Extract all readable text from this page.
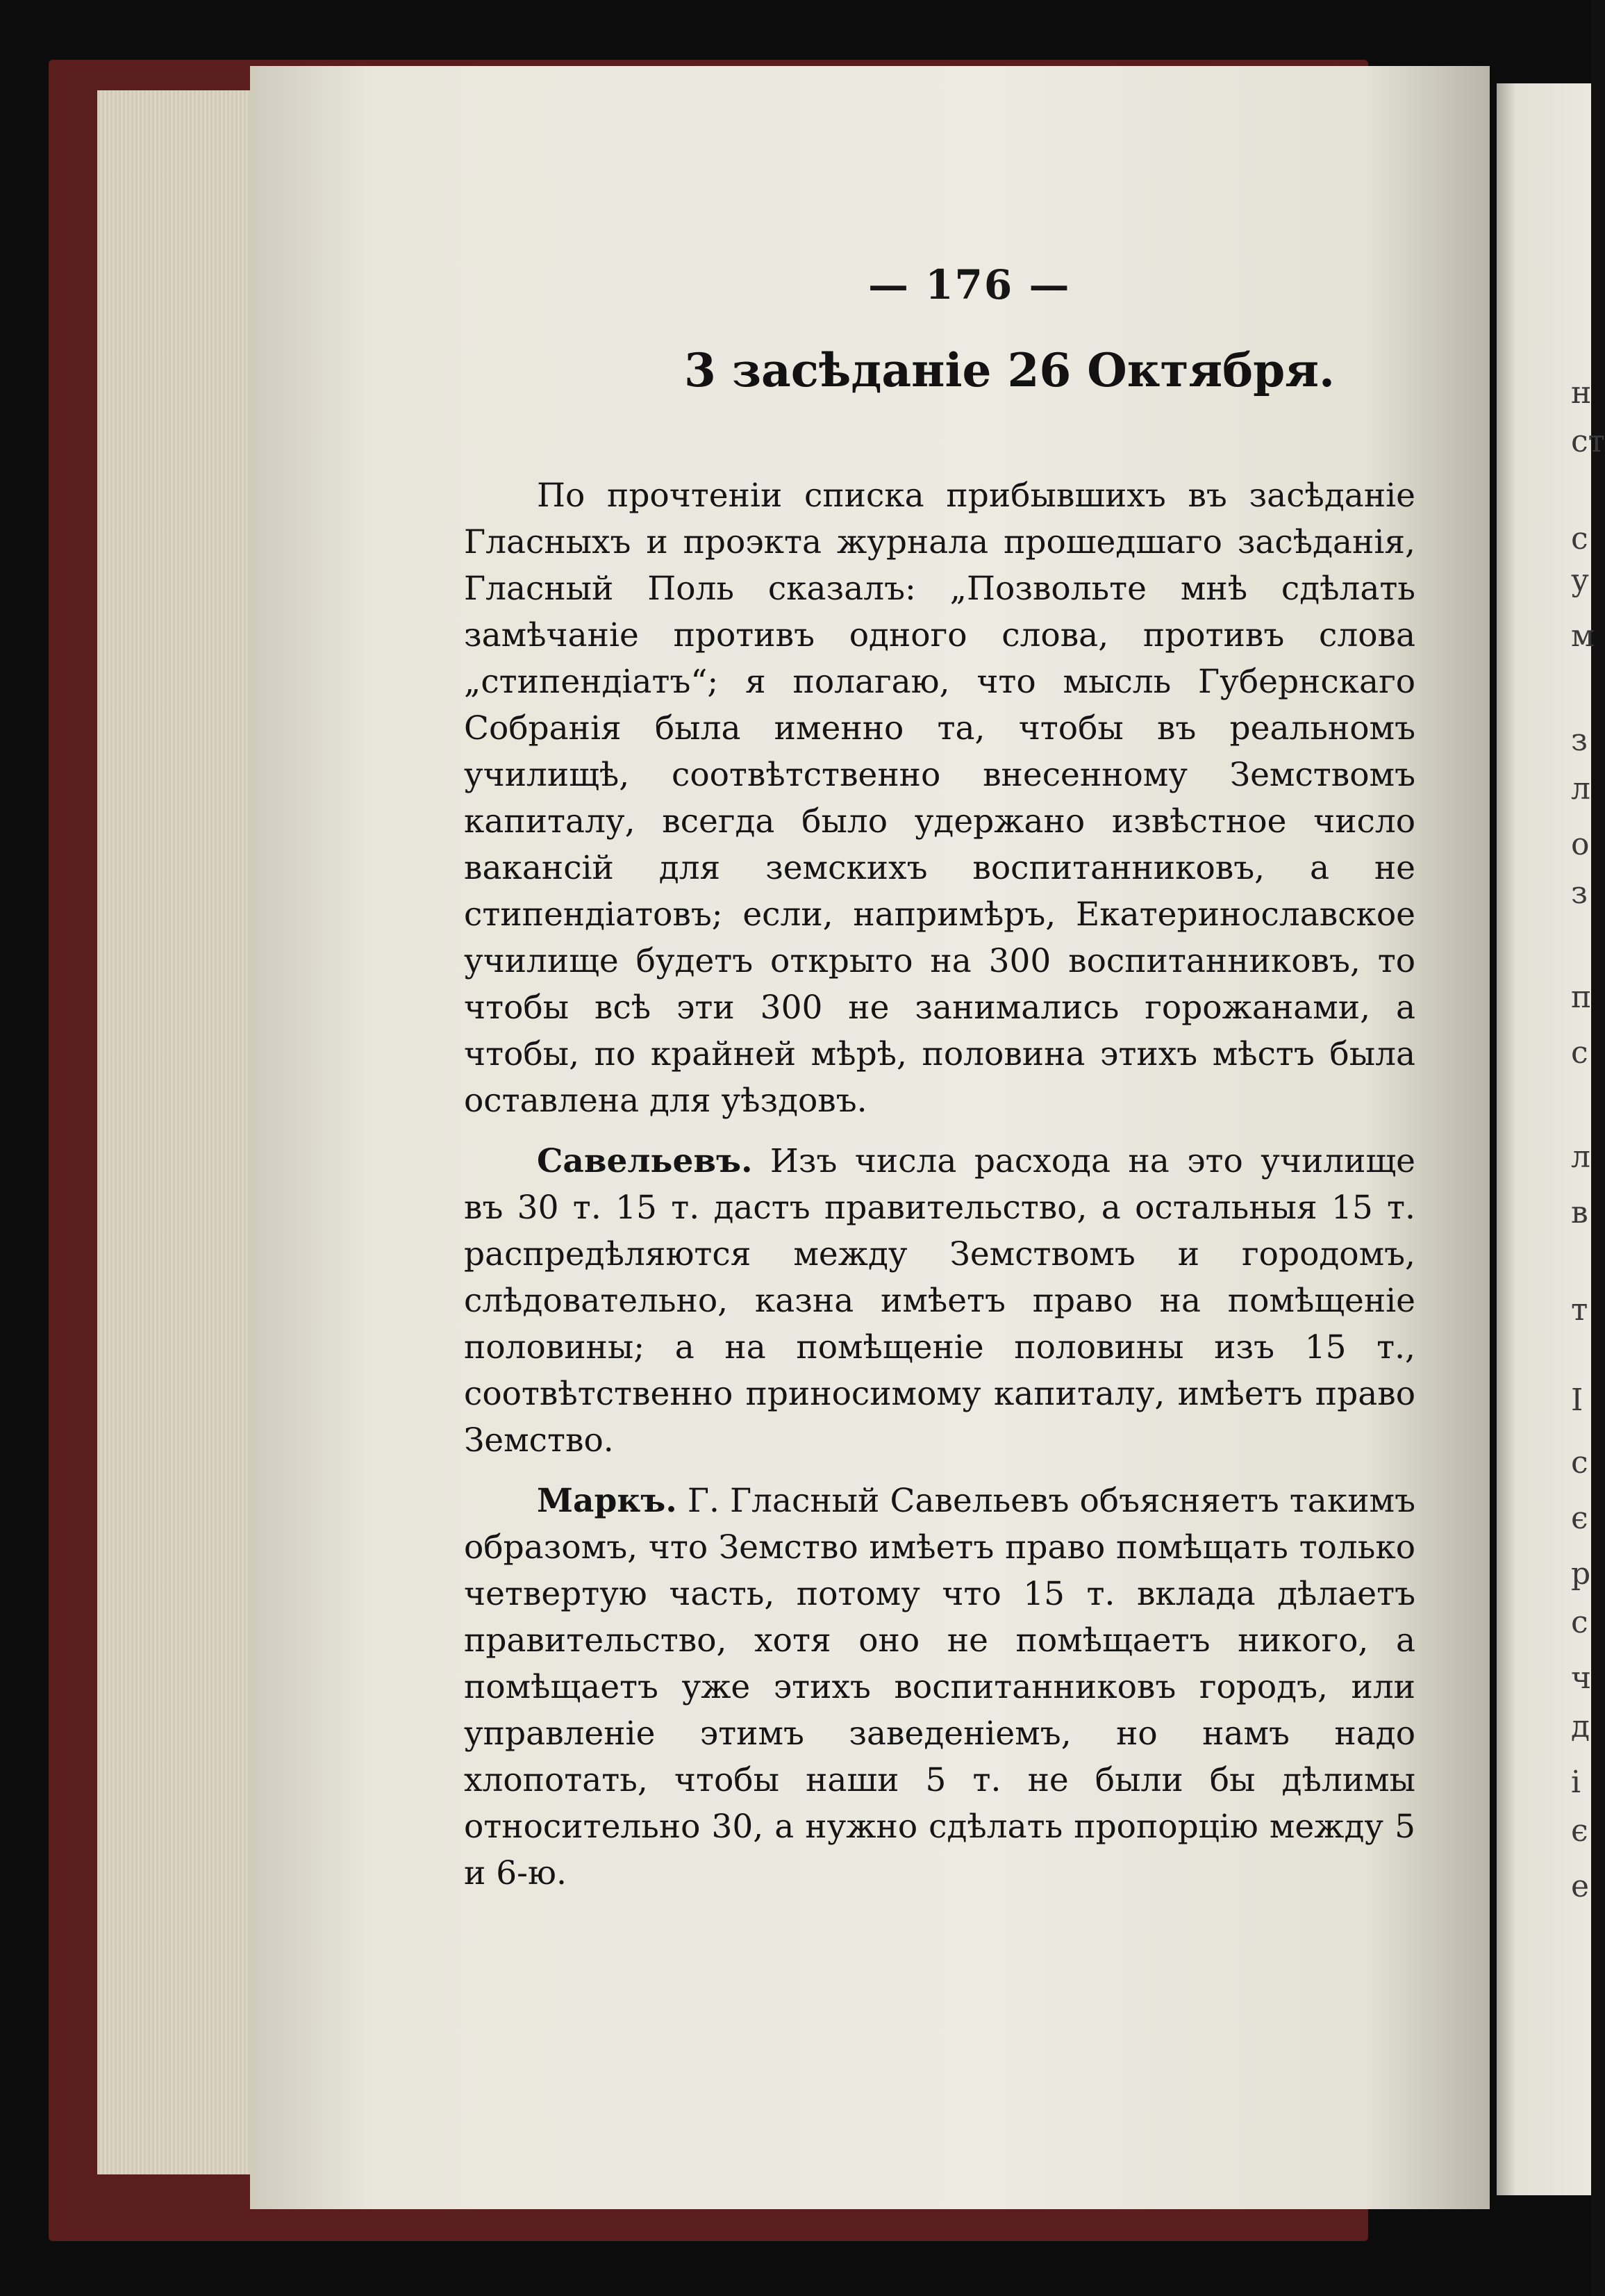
н
ст
с
у
м
з
л
о
з
п
с
л
в
т
І
с
є
р
с
ч
д
і
є
е
— 176 —
3 засѣданіе 26 Октября.

По прочтеніи списка прибывшихъ въ засѣданіе Гласныхъ и проэкта журнала прошедшаго засѣданія, Гласный Поль сказалъ: „Позвольте мнѣ сдѣлать замѣчаніе противъ одного слова, противъ слова „стипендіатъ“; я полагаю, что мысль Губернскаго Собранія была именно та, чтобы въ реальномъ училищѣ, соотвѣтственно внесенному Земствомъ капиталу, всегда было удержано извѣстное число вакансій для земскихъ воспитанниковъ, а не стипендіатовъ; если, напримѣръ, Екатеринославское училище будетъ открыто на 300 воспитанниковъ, то чтобы всѣ эти 300 не занимались горожанами, а чтобы, по крайней мѣрѣ, половина этихъ мѣстъ была оставлена для уѣздовъ.

Савельевъ. Изъ числа расхода на это училище въ 30 т. 15 т. дастъ правительство, а остальныя 15 т. распредѣляются между Земствомъ и городомъ, слѣдовательно, казна имѣетъ право на помѣщеніе половины; а на помѣщеніе половины изъ 15 т., соотвѣтственно приносимому капиталу, имѣетъ право Земство.

Маркъ. Г. Гласный Савельевъ объясняетъ такимъ образомъ, что Земство имѣетъ право помѣщать только четвертую часть, потому что 15 т. вклада дѣлаетъ правительство, хотя оно не помѣщаетъ никого, а помѣщаетъ уже этихъ воспитанниковъ городъ, или управленіе этимъ заведеніемъ, но намъ надо хлопотать, чтобы наши 5 т. не были бы дѣлимы относительно 30, а нужно сдѣлать пропорцію между 5 и 6-ю.
